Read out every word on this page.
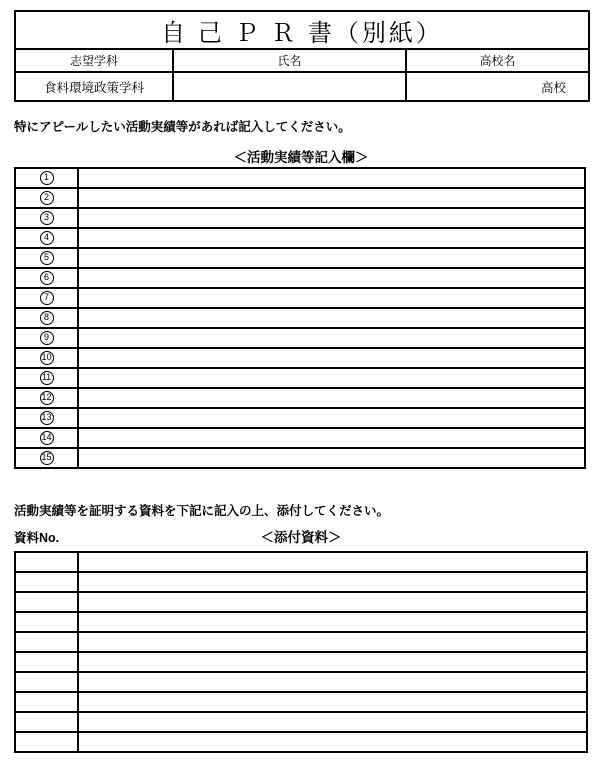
自 己 Ｐ Ｒ 書（別紙）		
志望学科	氏名	高校名
食料環境政策学科		高校
特にアピールしたい活動実績等があれば記入してください。
＜活動実績等記入欄＞
1	
2	
3	
4	
5	
6	
7	
8	
9	
10	
11	
12	
13	
14	
15	
活動実績等を証明する資料を下記に記入の上、添付してください。
資料No.	＜添付資料＞
